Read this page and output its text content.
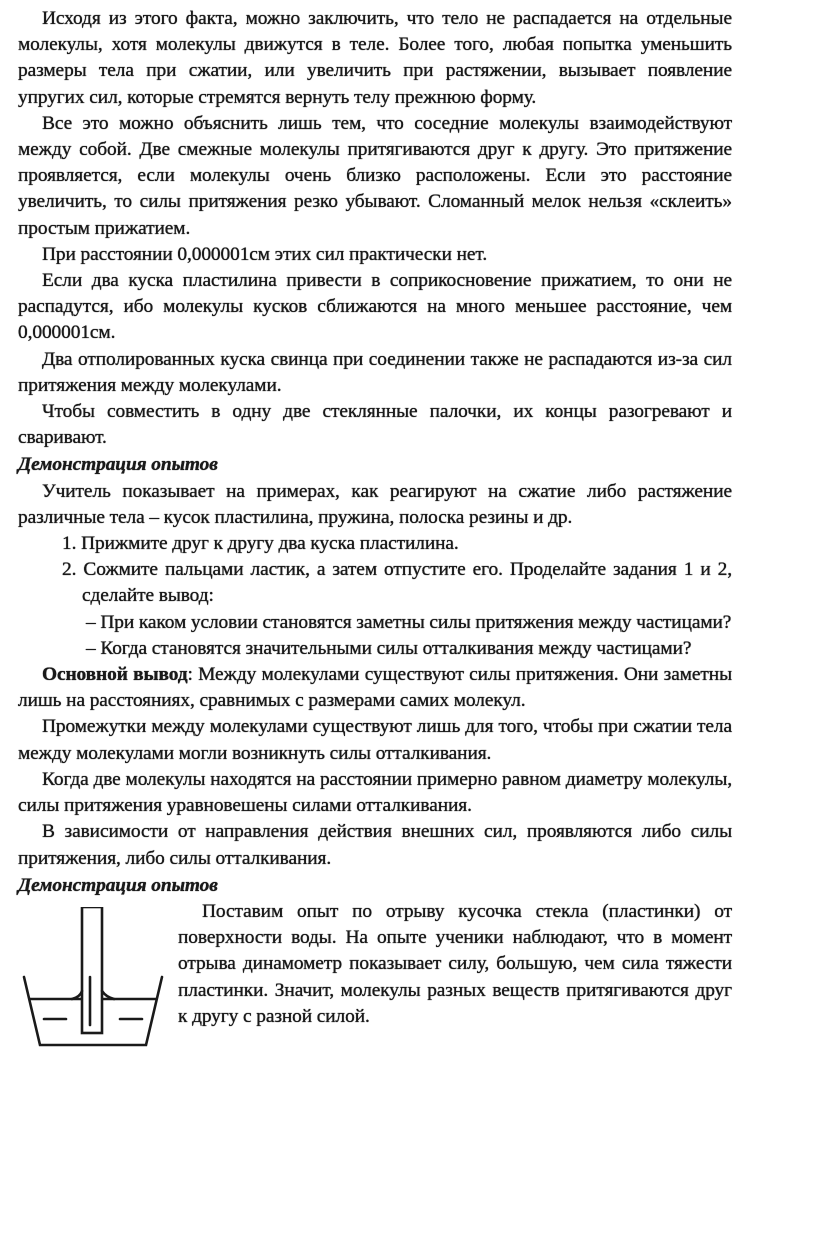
Исходя из этого факта, можно заключить, что тело не распадается на отдельные молекулы, хотя молекулы движутся в теле. Более того, любая попытка уменьшить размеры тела при сжатии, или увеличить при растяжении, вызывает появление упругих сил, которые стремятся вернуть телу прежнюю форму.

Все это можно объяснить лишь тем, что соседние молекулы взаимодействуют между собой. Две смежные молекулы притягиваются друг к другу. Это притяжение проявляется, если молекулы очень близко расположены. Если это расстояние увеличить, то силы притяжения резко убывают. Сломанный мелок нельзя «склеить» простым прижатием.

При расстоянии 0,000001см этих сил практически нет.

Если два куска пластилина привести в соприкосновение прижатием, то они не распадутся, ибо молекулы кусков сближаются на много меньшее расстояние, чем 0,000001см.

Два отполированных куска свинца при соединении также не распадаются из-за сил притяжения между молекулами.

Чтобы совместить в одну две стеклянные палочки, их концы разогревают и сваривают.

Демонстрация опытов

Учитель показывает на примерах, как реагируют на сжатие либо растяжение различные тела – кусок пластилина, пружина, полоска резины и др.

1. Прижмите друг к другу два куска пластилина.

2. Сожмите пальцами ластик, а затем отпустите его. Проделайте задания 1 и 2, сделайте вывод:

– При каком условии становятся заметны силы притяжения между частицами?

– Когда становятся значительными силы отталкивания между частицами?

Основной вывод: Между молекулами существуют силы притяжения. Они заметны лишь на расстояниях, сравнимых с размерами самих молекул.

Промежутки между молекулами существуют лишь для того, чтобы при сжатии тела между молекулами могли возникнуть силы отталкивания.

Когда две молекулы находятся на расстоянии примерно равном диаметру молекулы, силы притяжения уравновешены силами отталкивания.

В зависимости от направления действия внешних сил, проявляются либо силы притяжения, либо силы отталкивания.

Демонстрация опытов

Поставим опыт по отрыву кусочка стекла (пластинки) от поверхности воды. На опыте ученики наблюдают, что в момент отрыва динамометр показывает силу, большую, чем сила тяжести пластинки. Значит, молекулы разных веществ притягиваются друг к другу с разной силой.
